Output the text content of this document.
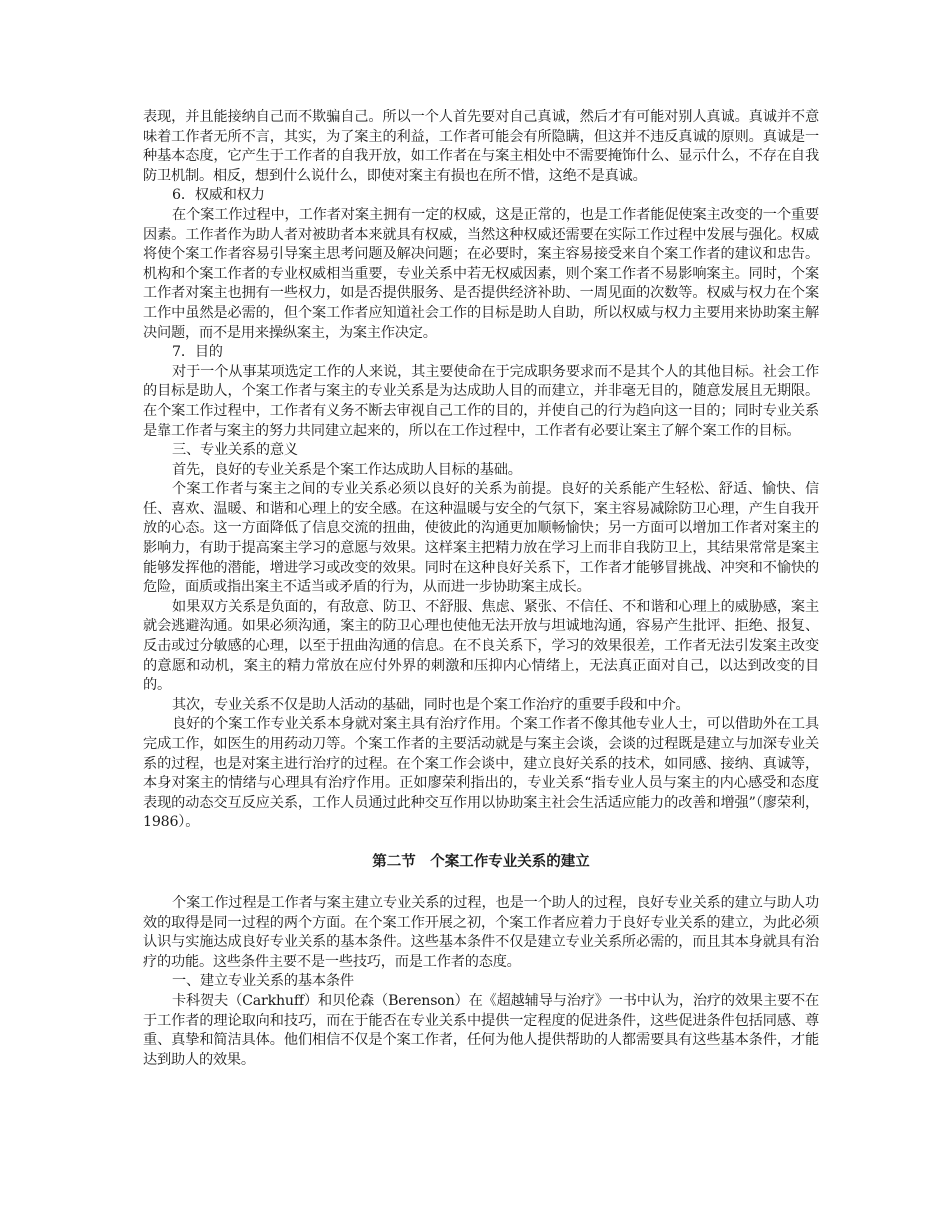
表现，并且能接纳自己而不欺骗自己。所以一个人首先要对自己真诚，然后才有可能对别人真诚。真诚并不意味着工作者无所不言，其实，为了案主的利益，工作者可能会有所隐瞒，但这并不违反真诚的原则。真诚是一种基本态度，它产生于工作者的自我开放，如工作者在与案主相处中不需要掩饰什么、显示什么，不存在自我防卫机制。相反，想到什么说什么，即使对案主有损也在所不惜，这绝不是真诚。

6．权威和权力

在个案工作过程中，工作者对案主拥有一定的权威，这是正常的，也是工作者能促使案主改变的一个重要因素。工作者作为助人者对被助者本来就具有权威，当然这种权威还需要在实际工作过程中发展与强化。权威将使个案工作者容易引导案主思考问题及解决问题；在必要时，案主容易接受来自个案工作者的建议和忠告。机构和个案工作者的专业权威相当重要，专业关系中若无权威因素，则个案工作者不易影响案主。同时，个案工作者对案主也拥有一些权力，如是否提供服务、是否提供经济补助、一周见面的次数等。权威与权力在个案工作中虽然是必需的，但个案工作者应知道社会工作的目标是助人自助，所以权威与权力主要用来协助案主解决问题，而不是用来操纵案主，为案主作决定。

7．目的

对于一个从事某项选定工作的人来说，其主要使命在于完成职务要求而不是其个人的其他目标。社会工作的目标是助人，个案工作者与案主的专业关系是为达成助人目的而建立，并非毫无目的，随意发展且无期限。在个案工作过程中，工作者有义务不断去审视自己工作的目的，并使自己的行为趋向这一目的；同时专业关系是靠工作者与案主的努力共同建立起来的，所以在工作过程中，工作者有必要让案主了解个案工作的目标。

三、专业关系的意义

首先，良好的专业关系是个案工作达成助人目标的基础。

个案工作者与案主之间的专业关系必须以良好的关系为前提。良好的关系能产生轻松、舒适、愉快、信任、喜欢、温暖、和谐和心理上的安全感。在这种温暖与安全的气氛下，案主容易减除防卫心理，产生自我开放的心态。这一方面降低了信息交流的扭曲，使彼此的沟通更加顺畅愉快；另一方面可以增加工作者对案主的影响力，有助于提高案主学习的意愿与效果。这样案主把精力放在学习上而非自我防卫上，其结果常常是案主能够发挥他的潜能，增进学习或改变的效果。同时在这种良好关系下，工作者才能够冒挑战、冲突和不愉快的危险，面质或指出案主不适当或矛盾的行为，从而进一步协助案主成长。

如果双方关系是负面的，有敌意、防卫、不舒服、焦虑、紧张、不信任、不和谐和心理上的威胁感，案主就会逃避沟通。如果必须沟通，案主的防卫心理也使他无法开放与坦诚地沟通，容易产生批评、拒绝、报复、反击或过分敏感的心理，以至于扭曲沟通的信息。在不良关系下，学习的效果很差，工作者无法引发案主改变的意愿和动机，案主的精力常放在应付外界的刺激和压抑内心情绪上，无法真正面对自己，以达到改变的目的。

其次，专业关系不仅是助人活动的基础，同时也是个案工作治疗的重要手段和中介。

良好的个案工作专业关系本身就对案主具有治疗作用。个案工作者不像其他专业人士，可以借助外在工具完成工作，如医生的用药动刀等。个案工作者的主要活动就是与案主会谈，会谈的过程既是建立与加深专业关系的过程，也是对案主进行治疗的过程。在个案工作会谈中，建立良好关系的技术，如同感、接纳、真诚等，本身对案主的情绪与心理具有治疗作用。正如廖荣利指出的，专业关系“指专业人员与案主的内心感受和态度表现的动态交互反应关系，工作人员通过此种交互作用以协助案主社会生活适应能力的改善和增强”（廖荣利，1986）。

第二节　个案工作专业关系的建立

个案工作过程是工作者与案主建立专业关系的过程，也是一个助人的过程，良好专业关系的建立与助人功效的取得是同一过程的两个方面。在个案工作开展之初，个案工作者应着力于良好专业关系的建立，为此必须认识与实施达成良好专业关系的基本条件。这些基本条件不仅是建立专业关系所必需的，而且其本身就具有治疗的功能。这些条件主要不是一些技巧，而是工作者的态度。

一、建立专业关系的基本条件

卡科贺夫（Carkhuff）和贝伦森（Berenson）在《超越辅导与治疗》一书中认为，治疗的效果主要不在于工作者的理论取向和技巧，而在于能否在专业关系中提供一定程度的促进条件，这些促进条件包括同感、尊重、真挚和简洁具体。他们相信不仅是个案工作者，任何为他人提供帮助的人都需要具有这些基本条件，才能达到助人的效果。
